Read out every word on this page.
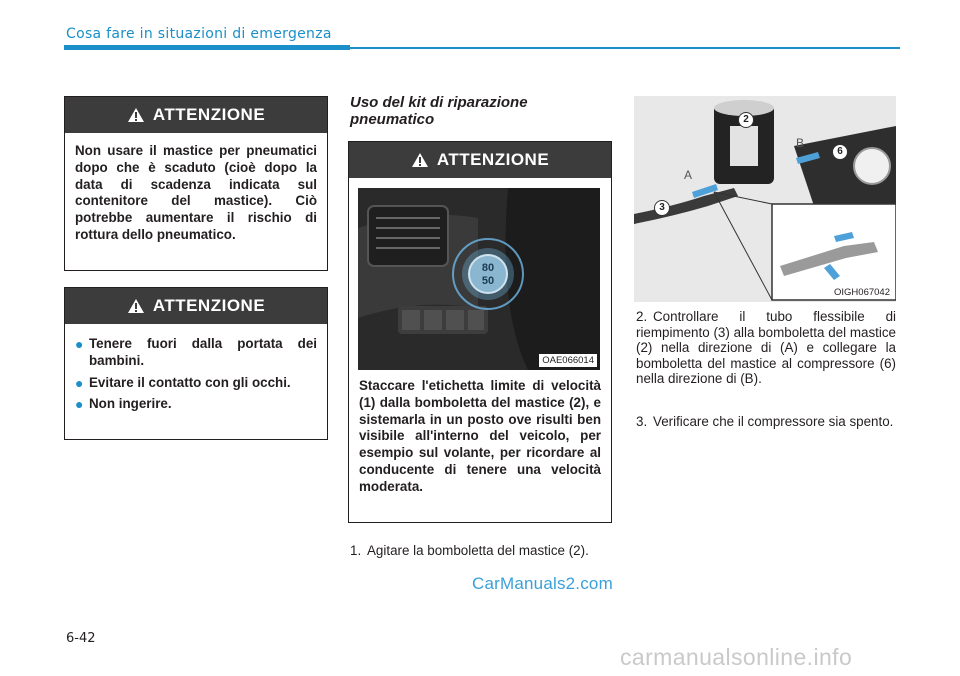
Cosa fare in situazioni di emergenza
ATTENZIONE
Non usare il mastice per pneumatici dopo che è scaduto (cioè dopo la data di scadenza indicata sul contenitore del mastice). Ciò potrebbe aumentare il rischio di rottura dello pneumatico.
ATTENZIONE
● Tenere fuori dalla portata dei bambini.
● Evitare il contatto con gli occhi.
● Non ingerire.
Uso del kit di riparazione pneumatico
ATTENZIONE
80
50
OAE066014
Staccare l'etichetta limite di velocità (1) dalla bomboletta del mastice (2), e sistemarla in un posto ove risulti ben visibile all'interno del veicolo, per esempio sul volante, per ricordare al conducente di tenere una velocità moderata.
1. Agitare la bomboletta del mastice (2).
A
B
2
3
6
OIGH067042
2. Controllare il tubo flessibile di riempimento (3) alla bomboletta del mastice (2) nella direzione di (A) e collegare la bomboletta del mastice al compressore (6) nella direzione di (B).
3. Verificare che il compressore sia spento.
6-42
CarManuals2.com
carmanualsonline.info
